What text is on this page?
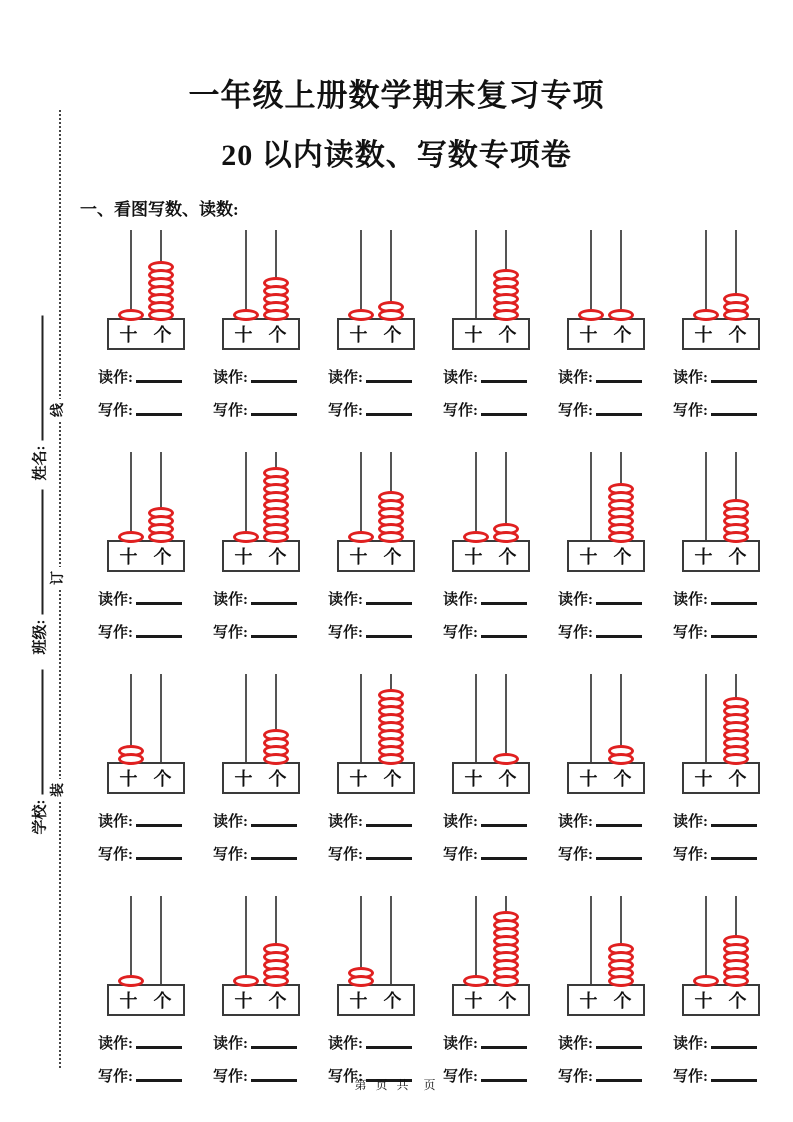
一年级上册数学期末复习专项
20 以内读数、写数专项卷
一、看图写数、读数:
线
订
装
姓名:
班级:
学校:
十 个
读作:
写作:
十 个
读作:
写作:
十 个
读作:
写作:
十 个
读作:
写作:
十 个
读作:
写作:
十 个
读作:
写作:
十 个
读作:
写作:
十 个
读作:
写作:
十 个
读作:
写作:
十 个
读作:
写作:
十 个
读作:
写作:
十 个
读作:
写作:
十 个
读作:
写作:
十 个
读作:
写作:
十 个
读作:
写作:
十 个
读作:
写作:
十 个
读作:
写作:
十 个
读作:
写作:
十 个
读作:
写作:
十 个
读作:
写作:
十 个
读作:
写作:
十 个
读作:
写作:
十 个
读作:
写作:
十 个
读作:
写作:
第 页 共  页
